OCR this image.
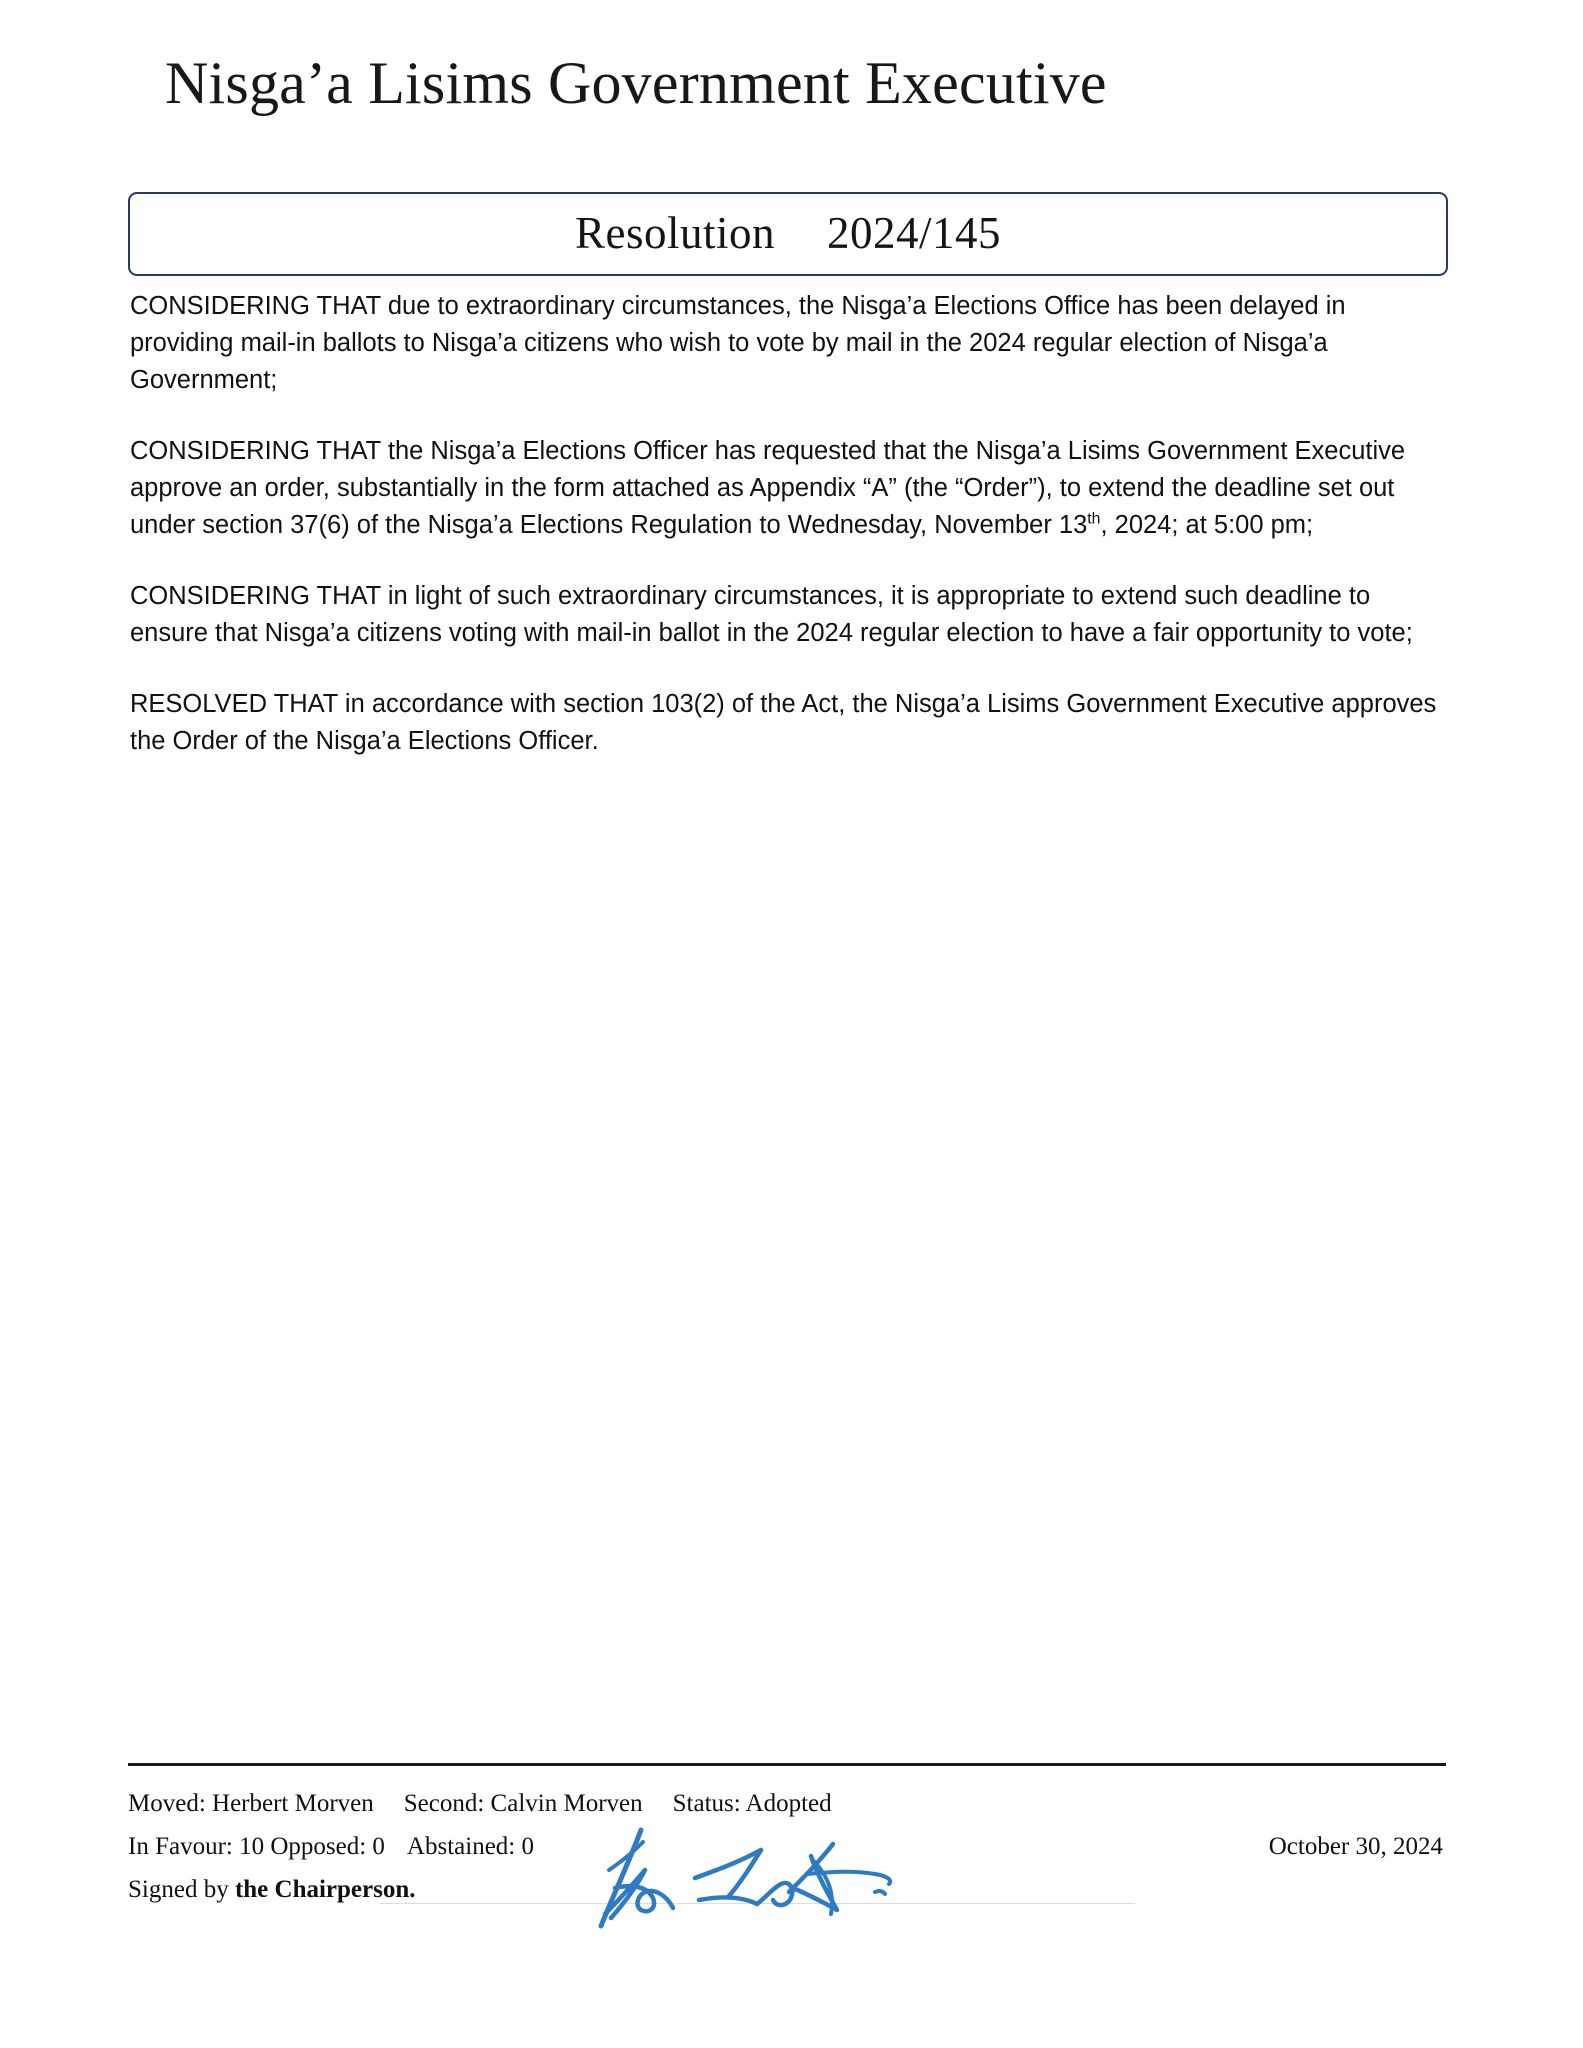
Nisga’a Lisims Government Executive
Resolution 2024/145

CONSIDERING THAT due to extraordinary circumstances, the Nisga’a Elections Office has been delayed in providing mail-in ballots to Nisga’a citizens who wish to vote by mail in the 2024 regular election of Nisga’a Government;

CONSIDERING THAT the Nisga’a Elections Officer has requested that the Nisga’a Lisims Government Executive approve an order, substantially in the form attached as Appendix “A” (the “Order”), to extend the deadline set out under section 37(6) of the Nisga’a Elections Regulation to Wednesday, November 13th, 2024; at 5:00 pm;

CONSIDERING THAT in light of such extraordinary circumstances, it is appropriate to extend such deadline to ensure that Nisga’a citizens voting with mail-in ballot in the 2024 regular election to have a fair opportunity to vote;

RESOLVED THAT in accordance with section 103(2) of the Act, the Nisga’a Lisims Government Executive approves the Order of the Nisga’a Elections Officer.

Moved: Herbert Morven Second: Calvin Morven Status: Adopted
In Favour: 10 Opposed: 0 Abstained: 0
Signed by the Chairperson.
October 30, 2024
